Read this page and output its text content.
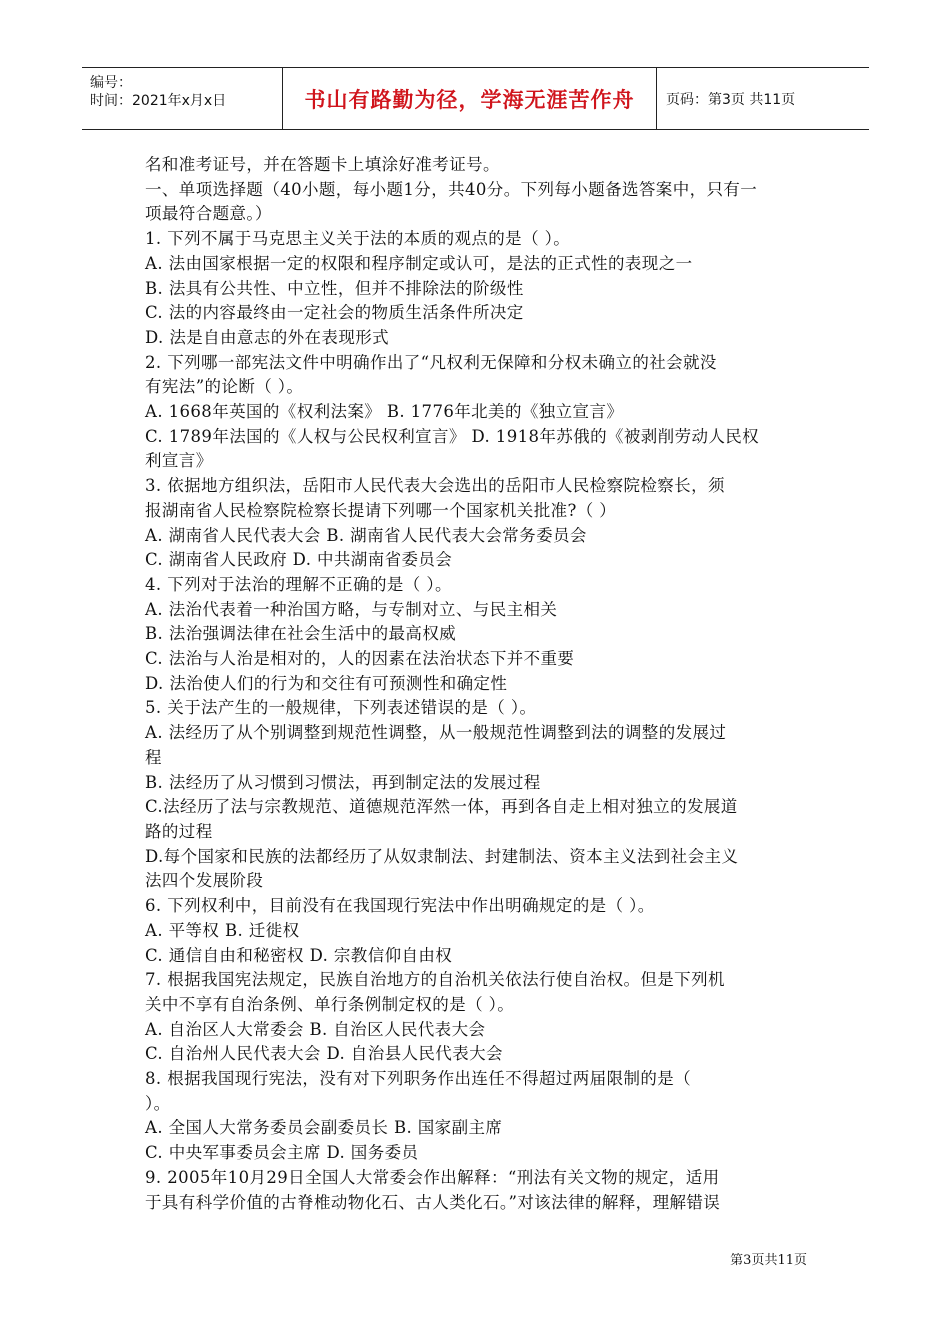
编号：
时间：2021年x月x日	书山有路勤为径，学海无涯苦作舟 页码：第3页 共11页

名和准考证号，并在答题卡上填涂好准考证号。

一、单项选择题（40小题，每小题1分，共40分。下列每小题备选答案中，只有一

项最符合题意。）

1. 下列不属于马克思主义关于法的本质的观点的是（ ）。

A. 法由国家根据一定的权限和程序制定或认可，是法的正式性的表现之一

B. 法具有公共性、中立性，但并不排除法的阶级性

C. 法的内容最终由一定社会的物质生活条件所决定

D. 法是自由意志的外在表现形式

2. 下列哪一部宪法文件中明确作出了“凡权利无保障和分权未确立的社会就没

有宪法”的论断（ ）。

A. 1668年英国的《权利法案》 B. 1776年北美的《独立宣言》

C. 1789年法国的《人权与公民权利宣言》 D. 1918年苏俄的《被剥削劳动人民权

利宣言》

3. 依据地方组织法，岳阳市人民代表大会选出的岳阳市人民检察院检察长，须

报湖南省人民检察院检察长提请下列哪一个国家机关批准?（ ）

A. 湖南省人民代表大会 B. 湖南省人民代表大会常务委员会

C. 湖南省人民政府 D. 中共湖南省委员会

4. 下列对于法治的理解不正确的是（ ）。

A. 法治代表着一种治国方略，与专制对立、与民主相关

B. 法治强调法律在社会生活中的最高权威

C. 法治与人治是相对的，人的因素在法治状态下并不重要

D. 法治使人们的行为和交往有可预测性和确定性

5. 关于法产生的一般规律，下列表述错误的是（ ）。

A. 法经历了从个别调整到规范性调整，从一般规范性调整到法的调整的发展过

程

B. 法经历了从习惯到习惯法，再到制定法的发展过程

C.法经历了法与宗教规范、道德规范浑然一体，再到各自走上相对独立的发展道

路的过程

D.每个国家和民族的法都经历了从奴隶制法、封建制法、资本主义法到社会主义

法四个发展阶段

6. 下列权利中，目前没有在我国现行宪法中作出明确规定的是（ ）。

A. 平等权 B. 迁徙权

C. 通信自由和秘密权 D. 宗教信仰自由权

7. 根据我国宪法规定，民族自治地方的自治机关依法行使自治权。但是下列机

关中不享有自治条例、单行条例制定权的是（ ）。

A. 自治区人大常委会 B. 自治区人民代表大会

C. 自治州人民代表大会 D. 自治县人民代表大会

8. 根据我国现行宪法，没有对下列职务作出连任不得超过两届限制的是（

）。

A. 全国人大常务委员会副委员长 B. 国家副主席

C. 中央军事委员会主席 D. 国务委员

9. 2005年10月29日全国人大常委会作出解释：“刑法有关文物的规定，适用

于具有科学价值的古脊椎动物化石、古人类化石。”对该法律的解释，理解错误

第3页共11页
